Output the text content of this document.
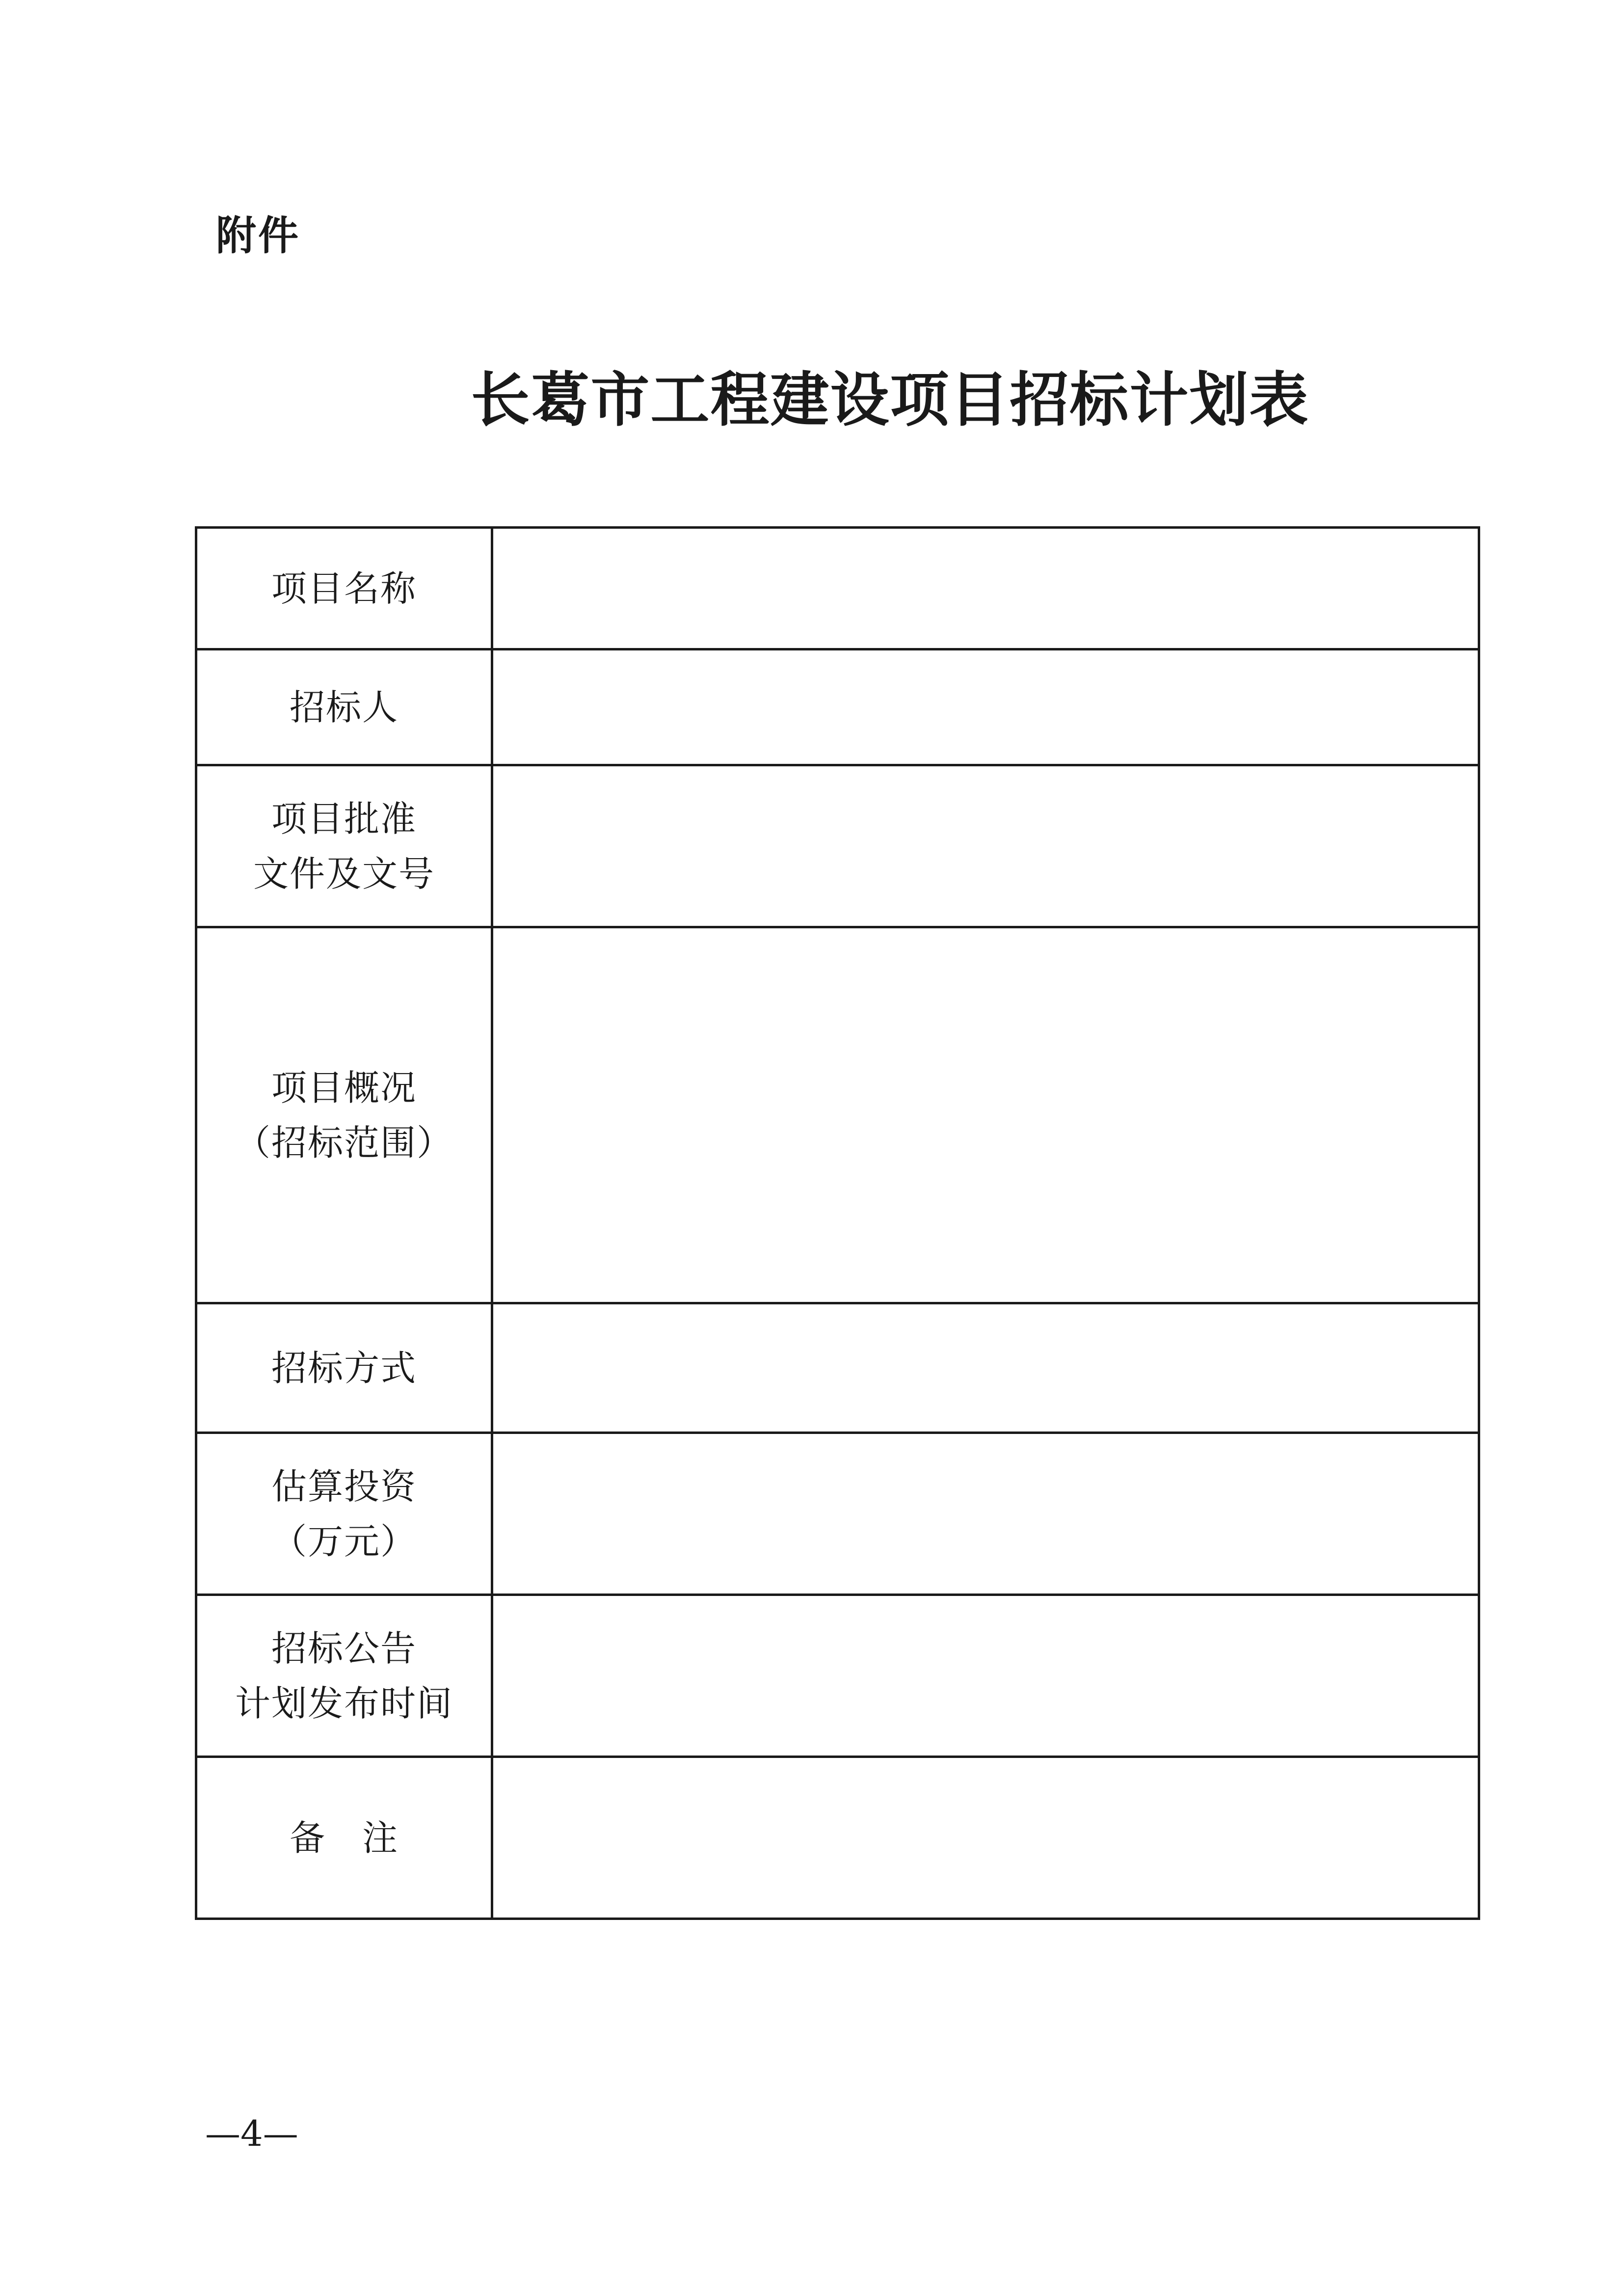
附件
长葛市工程建设项目招标计划表
项目名称	

招标人	

项目批准
文件及文号	

项目概况
（招标范围）	

招标方式	

估算投资
（万元）	

招标公告
计划发布时间	

备　注	

—4—
